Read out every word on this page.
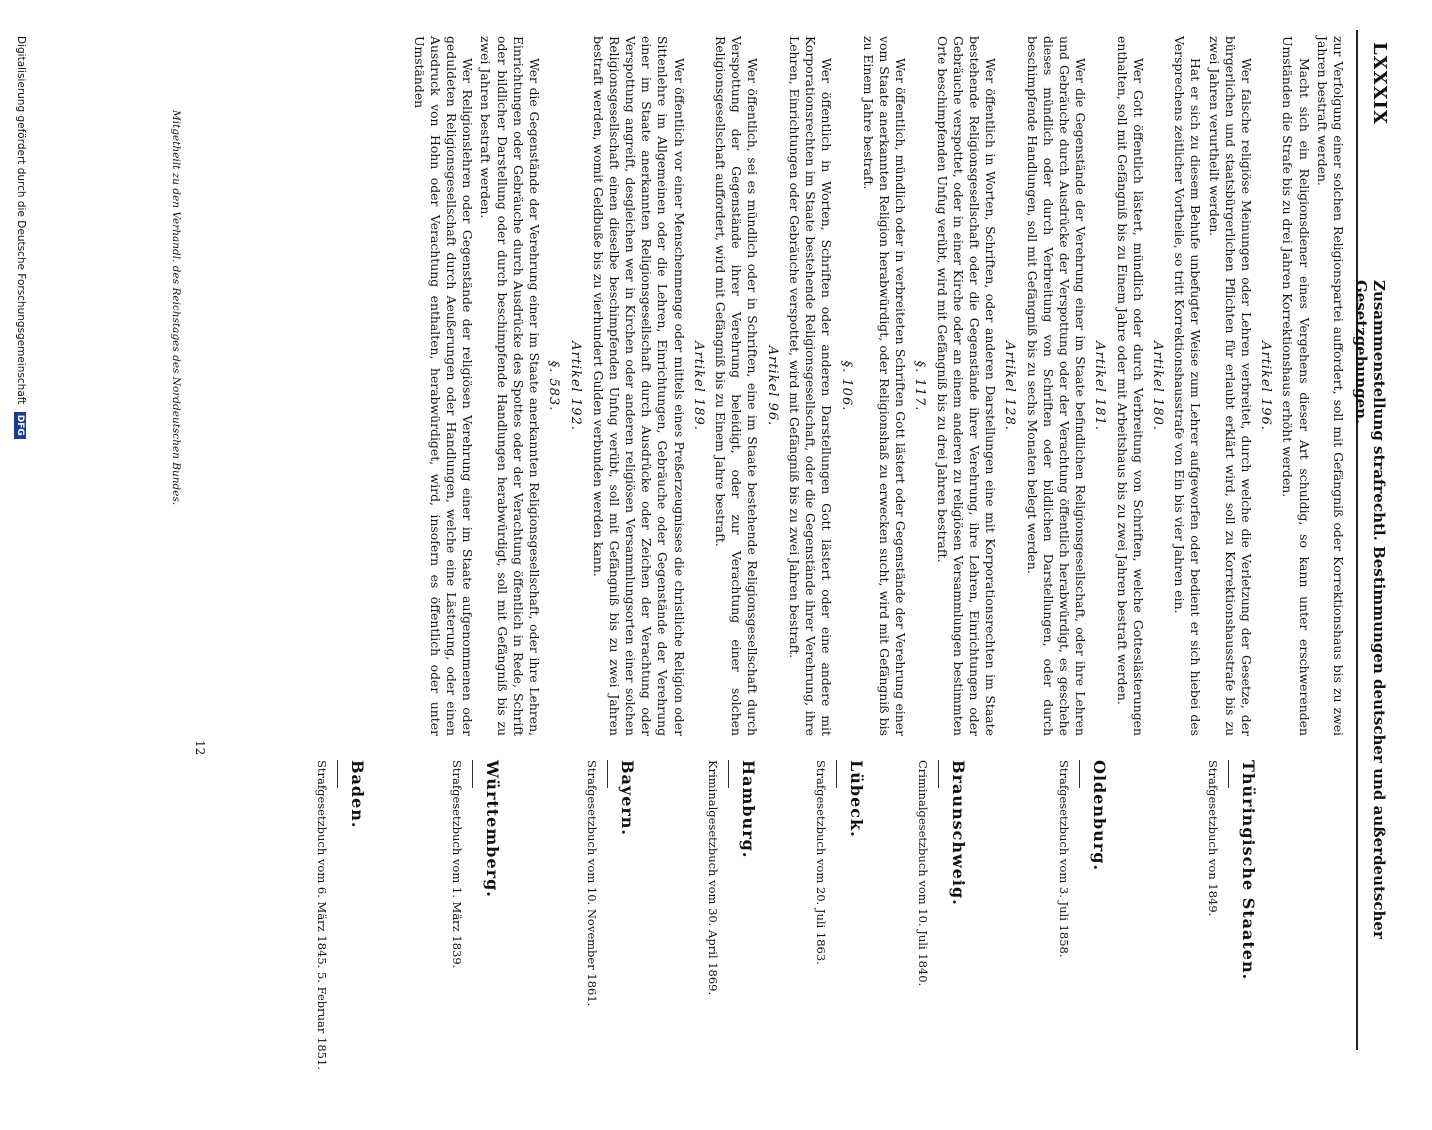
LXXXIX
Zusammenstellung strafrechtl. Bestimmungen deutscher und außerdeutscher Gesetzgebungen.

zur Verfolgung einer solchen Religionspartei auffordert, soll mit Gefängniß oder Korrektionshaus bis zu zwei Jahren bestraft werden.

Macht sich ein Religionsdiener eines Vergehens dieser Art schuldig, so kann unter erschwerenden Umständen die Strafe bis zu drei Jahren Korrektionshaus erhöht werden.

Artikel 196.

Wer falsche religiöse Meinungen oder Lehren verbreitet, durch welche die Verletzung der Gesetze, der bürgerlichen und staatsbürgerlichen Pflichten für erlaubt erklärt wird, soll zu Korrektionshausstrafe bis zu zwei Jahren verurtheilt werden.

Hat er sich zu diesem Behufe unbefugter Weise zum Lehrer aufgeworfen oder bedient er sich hiebei des Versprechens zeitlicher Vortheile, so tritt Korrektionshausstrafe von Ein bis vier Jahren ein.

Artikel 180.

Wer Gott öffentlich lästert, mündlich oder durch Verbreitung von Schriften, welche Gotteslästerungen enthalten, soll mit Gefängniß bis zu Einem Jahre oder mit Arbeitshaus bis zu zwei Jahren bestraft werden.

Artikel 181.

Wer die Gegenstände der Verehrung einer im Staate befindlichen Religionsgesellschaft, oder ihre Lehren und Gebräuche durch Ausdrücke der Verspottung oder der Verachtung öffentlich herabwürdigt, es geschehe dieses mündlich oder durch Verbreitung von Schriften oder bildlichen Darstellungen, oder durch beschimpfende Handlungen, soll mit Gefängniß bis zu sechs Monaten belegt werden.

Artikel 128.

Wer öffentlich in Worten, Schriften, oder anderen Darstellungen eine mit Korporationsrechten im Staate bestehende Religionsgesellschaft oder die Gegenstände ihrer Verehrung, ihre Lehren, Einrichtungen oder Gebräuche verspottet, oder in einer Kirche oder an einem anderen zu religiösen Versammlungen bestimmten Orte beschimpfenden Unfug verübt, wird mit Gefängniß bis zu drei Jahren bestraft.

§. 117.

Wer öffentlich, mündlich oder in verbreiteten Schriften Gott lästert oder Gegenstände der Verehrung einer vom Staate anerkannten Religion herabwürdigt, oder Religionshaß zu erwecken sucht, wird mit Gefängniß bis zu Einem Jahre bestraft.

§. 106.

Wer öffentlich in Worten, Schriften oder anderen Darstellungen Gott lästert oder eine andere mit Korporationsrechten im Staate bestehende Religionsgesellschaft, oder die Gegenstände ihrer Verehrung, ihre Lehren, Einrichtungen oder Gebräuche verspottet, wird mit Gefängniß bis zu zwei Jahren bestraft.

Artikel 96.

Wer öffentlich, sei es mündlich oder in Schriften, eine im Staate bestehende Religionsgesellschaft durch Verspottung der Gegenstände ihrer Verehrung beleidigt, oder zur Verachtung einer solchen Religionsgesellschaft auffordert, wird mit Gefängniß bis zu Einem Jahre bestraft.

Artikel 189.

Wer öffentlich vor einer Menschenmenge oder mittels eines Preßerzeugnisses die christliche Religion oder Sittenlehre im Allgemeinen oder die Lehren, Einrichtungen, Gebräuche oder Gegenstände der Verehrung einer im Staate anerkannten Religionsgesellschaft durch Ausdrücke oder Zeichen der Verachtung oder Verspottung angreift, desgleichen wer in Kirchen oder anderen religiösen Versammlungsorten einer solchen Religionsgesellschaft einen dieselbe beschimpfenden Unfug verübt, soll mit Gefängniß bis zu zwei Jahren bestraft werden, womit Geldbuße bis zu vierhundert Gulden verbunden werden kann.

Artikel 192.
§. 583.

Wer die Gegenstände der Verehrung einer im Staate anerkannten Religionsgesellschaft, oder ihre Lehren, Einrichtungen oder Gebräuche durch Ausdrücke des Spottes oder der Verachtung öffentlich in Rede, Schrift oder bildlicher Darstellung oder durch beschimpfende Handlungen herabwürdigt, soll mit Gefängniß bis zu zwei Jahren bestraft werden.

Wer Religionslehren oder Gegenstände der religiösen Verehrung einer im Staate aufgenommenen oder geduldeten Religionsgesellschaft durch Aeußerungen oder Handlungen, welche eine Lästerung, oder einen Ausdruck von Hohn oder Verachtung enthalten, herabwürdiget, wird, insofern es öffentlich oder unter Umständen

Thüringische Staaten.
Strafgesetzbuch von 1849.
Oldenburg.
Strafgesetzbuch vom 3. Juli 1858.
Braunschweig.
Criminalgesetzbuch vom 10. Juli 1840.
Lübeck.
Strafgesetzbuch vom 20. Juli 1863.
Hamburg.
Kriminalgesetzbuch vom 30. April 1869.
Bayern.
Strafgesetzbuch vom 10. November 1861.
Württemberg.
Strafgesetzbuch vom 1. März 1839.
Baden.
Strafgesetzbuch vom 6. März 1845. 5. Februar 1851.
Mitgetheilt zu den Verhandl. des Reichstages des Norddeutschen Bundes.
12
Digitalisierung gefördert durch die Deutsche Forschungsgemeinschaft DFG
